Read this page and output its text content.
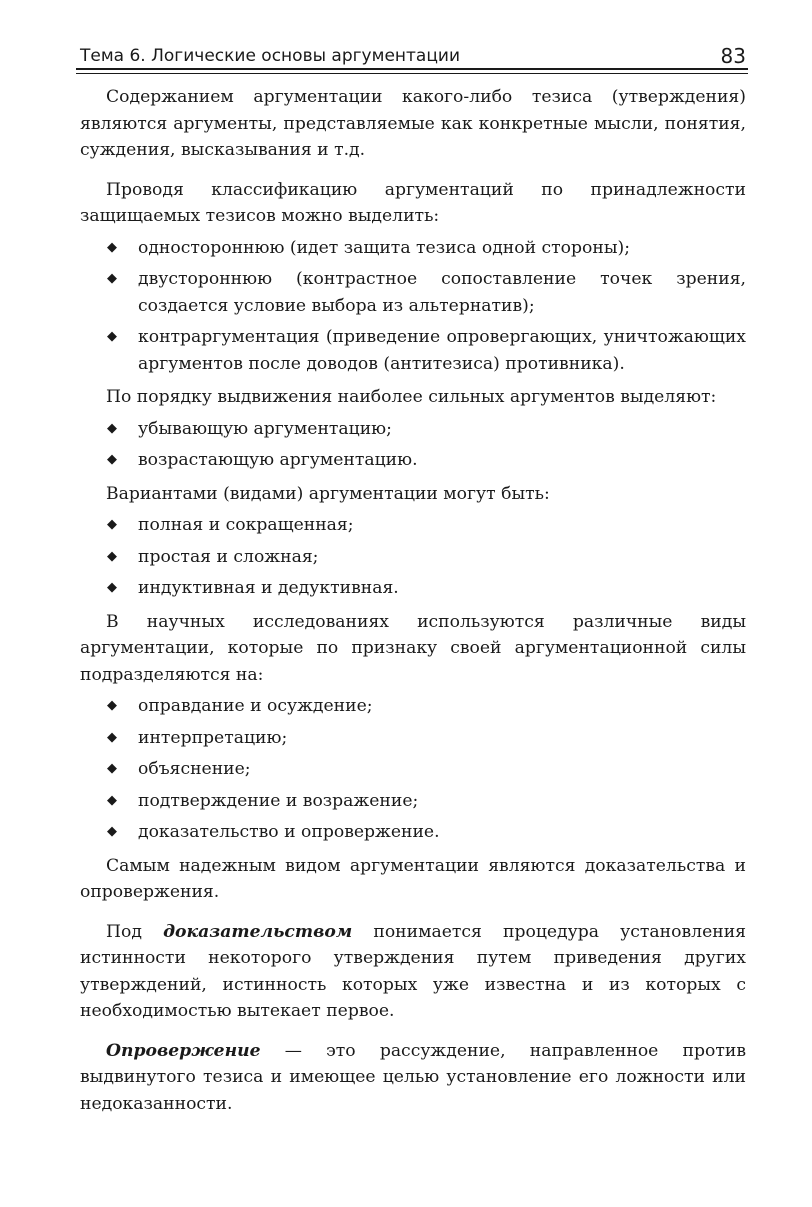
Тема 6. Логические основы аргументации	83

Содержанием аргументации какого-либо тезиса (утверждения) являются аргументы, представляемые как конкретные мысли, понятия, суждения, высказывания и т.д.

Проводя классификацию аргументаций по принадлежности защищаемых тезисов можно выделить:

◆ одностороннюю (идет защита тезиса одной стороны);
◆ двустороннюю (контрастное сопоставление точек зрения, создается условие выбора из альтернатив);
◆ контраргументация (приведение опровергающих, уничтожающих аргументов после доводов (антитезиса) противника).

По порядку выдвижения наиболее сильных аргументов выделяют:

◆ убывающую аргументацию;
◆ возрастающую аргументацию.

Вариантами (видами) аргументации могут быть:

◆ полная и сокращенная;
◆ простая и сложная;
◆ индуктивная и дедуктивная.

В научных исследованиях используются различные виды аргументации, которые по признаку своей аргументационной силы подразделяются на:

◆ оправдание и осуждение;
◆ интерпретацию;
◆ объяснение;
◆ подтверждение и возражение;
◆ доказательство и опровержение.

Самым надежным видом аргументации являются доказательства и опровержения.

Под доказательством понимается процедура установления истинности некоторого утверждения путем приведения других утверждений, истинность которых уже известна и из которых с необходимостью вытекает первое.

Опровержение — это рассуждение, направленное против выдвинутого тезиса и имеющее целью установление его ложности или недоказанности.
